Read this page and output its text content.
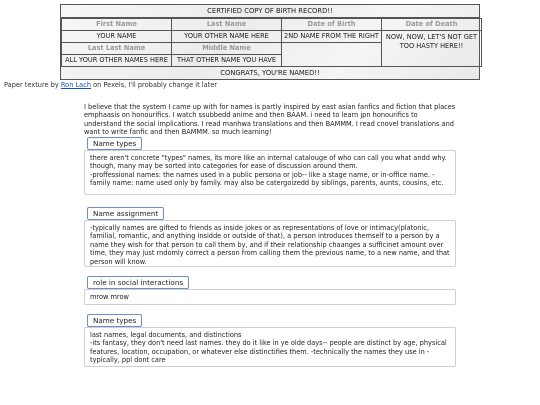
CERTIFIED COPY OF BIRTH RECORD!!
First Name	Last Name	Date of Birth	Date of Death
YOUR NAME	YOUR OTHER NAME HERE	2ND NAME FROM THE RIGHT	NOW, NOW, LET'S NOT GET TOO HASTY HERE!!
Last Last Name	Middle Name		
ALL YOUR OTHER NAMES HERE	THAT OTHER NAME YOU HAVE		
CONGRATS, YOU'RE NAMED!!
Paper texture by Ron Lach on Pexels, I'll probably change it later
I believe that the system I came up with for names is partly inspired by east asian fanfics and fiction that places emphaasis on honourifics. I watch ssubbedd anime and then BAAM. i need to learn jpn honourifics to understand the social implications. I read manhwa translations and then BAMMM. I read cnovel translations and want to write fanfic and then BAMMM. so much learning!
Name types
there aren't concrete "types" names, its more like an internal catalouge of who can call you what andd why. though, many may be sorted into categories for ease of discussion around them.
-proffessional names: the names used in a public persona or job-- like a stage name, or in-office name. -family name: name used only by family. may also be catergoizedd by siblings, parents, aunts, cousins, etc.
Name assignment
-typically names are gifted to friends as inside jokes or as representations of love or intimacy(platonic, familial, romantic, and anything insidde or outside of that), a person introduces themself to a person by a name they wish for that person to call them by, and if their relationship chaanges a sufficinet amount over time, they may just rndomly correct a person from calling them the previous name, to a new name, and that person will know.
role in social interactions
mrow mrow
Name types
last names, legal documents, and distinctions
-its fantasy, they don't need last names. they do it like in ye olde days-- people are distinct by age, physical features, location, occupation, or whatever else distinctifies them. -technically the names they use in -typically, ppl dont care
